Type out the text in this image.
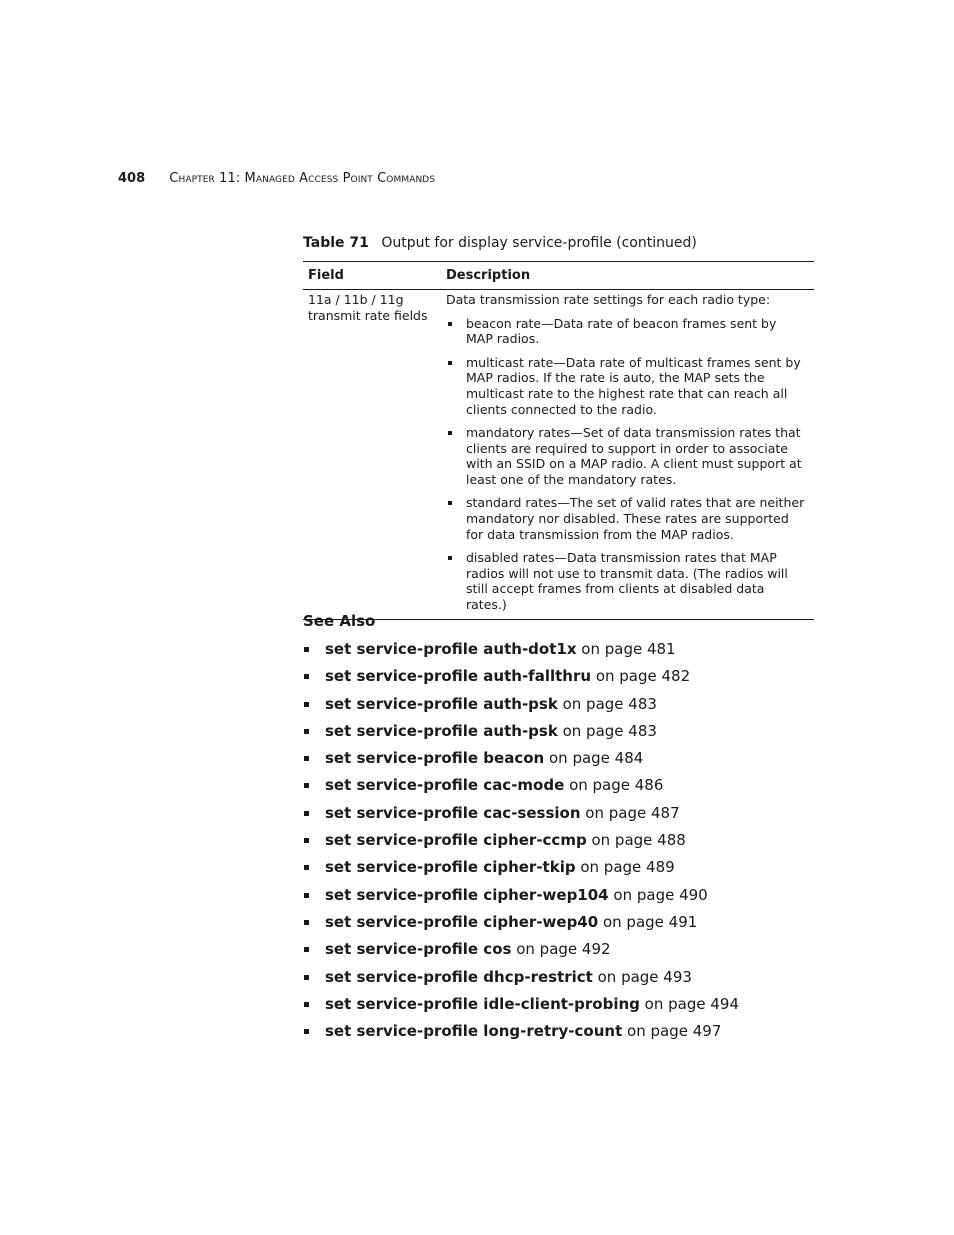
408 Chapter 11: Managed Access Point Commands
Table 71 Output for display service-profile (continued)
Field	Description
11a / 11b / 11g
transmit rate fields
Data transmission rate settings for each radio type:
beacon rate—Data rate of beacon frames sent by MAP radios.
multicast rate—Data rate of multicast frames sent by MAP radios. If the rate is auto, the MAP sets the multicast rate to the highest rate that can reach all clients connected to the radio.
mandatory rates—Set of data transmission rates that clients are required to support in order to associate with an SSID on a MAP radio. A client must support at least one of the mandatory rates.
standard rates—The set of valid rates that are neither mandatory nor disabled. These rates are supported for data transmission from the MAP radios.
disabled rates—Data transmission rates that MAP radios will not use to transmit data. (The radios will still accept frames from clients at disabled data rates.)
See Also
set service-profile auth-dot1x on page 481
set service-profile auth-fallthru on page 482
set service-profile auth-psk on page 483
set service-profile auth-psk on page 483
set service-profile beacon on page 484
set service-profile cac-mode on page 486
set service-profile cac-session on page 487
set service-profile cipher-ccmp on page 488
set service-profile cipher-tkip on page 489
set service-profile cipher-wep104 on page 490
set service-profile cipher-wep40 on page 491
set service-profile cos on page 492
set service-profile dhcp-restrict on page 493
set service-profile idle-client-probing on page 494
set service-profile long-retry-count on page 497
